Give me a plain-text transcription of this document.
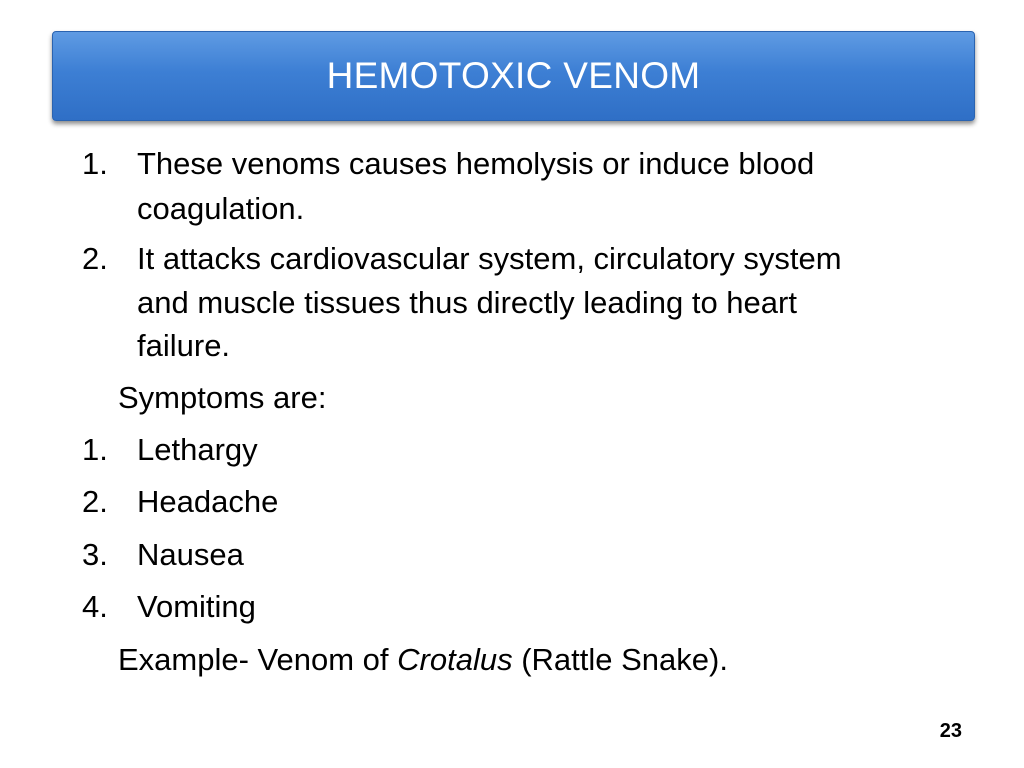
HEMOTOXIC VENOM
1. These venoms causes hemolysis or induce blood
coagulation.
2. It attacks cardiovascular system, circulatory system
and muscle tissues thus directly leading to heart
failure.
Symptoms are:
1. Lethargy
2. Headache
3. Nausea
4. Vomiting
Example- Venom of Crotalus (Rattle Snake).
23
